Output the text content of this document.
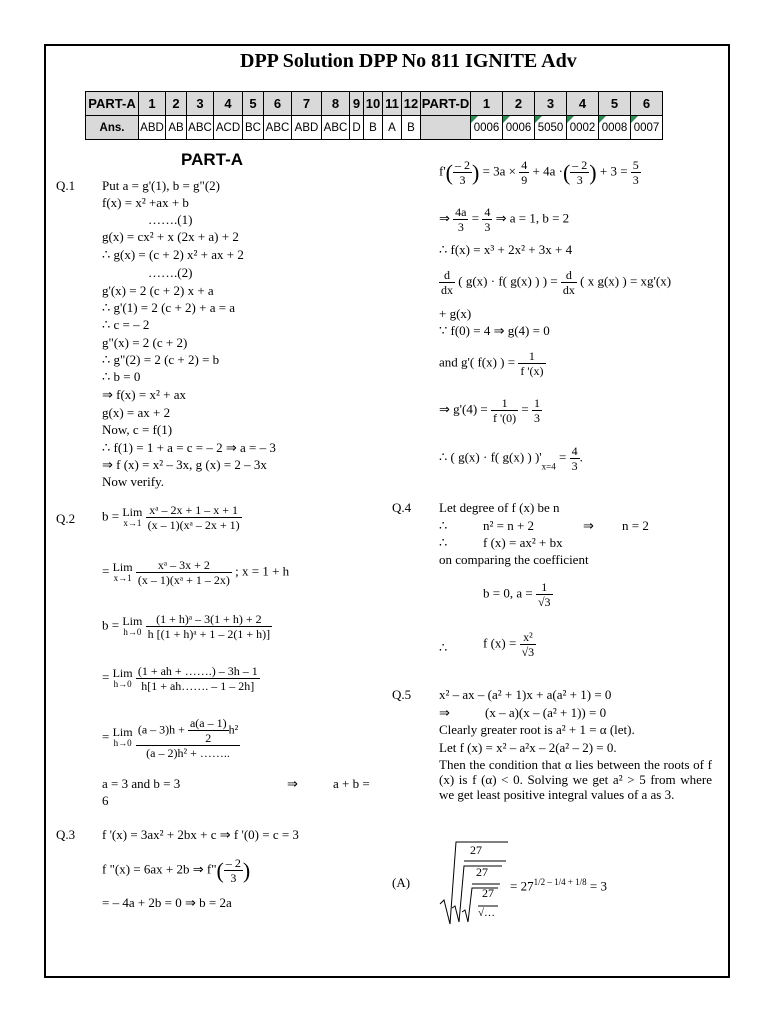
DPP Solution DPP No 811 IGNITE Adv
PART-A	1	2	3	4	5	6	7	8	9	10	11	12	PART-D	1	2	3	4	5	6
Ans.	ABD	AB	ABC	ACD	BC	ABC	ABD	ABC	D	B	A	B		0006	0006	5050	0002	0008	0007
PART-A
Q.1 Put a = g'(1), b = g"(2)
f(x) = x² +ax + b
…….(1)
g(x) = cx² + x (2x + a) + 2
∴ g(x) = (c + 2) x² + ax + 2
…….(2)
g'(x) = 2 (c + 2) x + a
∴ g'(1) = 2 (c + 2) + a = a
∴ c = – 2
g"(x) = 2 (c + 2)
∴ g"(2) = 2 (c + 2) = b
∴ b = 0
⇒ f(x) = x² + ax
g(x) = ax + 2
Now, c = f(1)
∴ f(1) = 1 + a = c = – 2 ⇒ a = – 3
⇒ f (x) = x² – 3x, g (x) = 2 – 3x
Now verify.
Q.2 b = Lim
x→1
$\frac{\text{xᵃ – 2x + 1 – x + 1}}{\text{(x – 1)(xᵃ – 2x + 1)}}$
= Lim
x→1
$\frac{\text{xᵃ – 3x + 2}}{\text{(x – 1)(xᵃ + 1 – 2x)}}$ ; x = 1 + h
b = Lim
h→0
$\frac{\text{(1 + h)ᵃ – 3(1 + h) + 2}}{\text{h [(1 + h)ᵃ + 1 – 2(1 + h)]}}$
= Lim
h→0
$\frac{(1 + ah + \dots\dots.) - 3h - 1}{h[1 + ah\dots\dots. - 1 - 2h]}$
= Lim
h→0
$\frac{(a - 3)h + \frac{a(a - 1)}{2} h^2}{\text{(a – 2)h² + ……..}}$
a = 3 and b = 3	⇒	a + b =
6
Q.3 f '(x) = 3ax² + 2bx + c ⇒ f '(0) = c = 3
f "(x) = 6ax + 2b ⇒ f"( $\frac{- 2}{3}$ )
= – 4a + 2b = 0 ⇒ b = 2a
$f'( \frac{- 2}{3}$ ) = $3a \times \frac{4}{9} + 4a$ ·( $\frac{- 2}{3}$ ) + $3 = \frac{5}{3}$
⇒ $\frac{4a}{3} = \frac{4}{3}$ ⇒ a = 1, b = 2
∴ f(x) = x³ + 2x² + 3x + 4
$\frac{d}{dx}$ ( g(x) · f( g(x) ) ) = $\frac{d}{dx}$ ( x g(x) ) = xg'(x)
+ g(x)
∵ f(0) = 4 ⇒ g(4) = 0
and g'( f(x) ) = $\frac{1}{f '(x)}$
⇒ $g'(4) = \frac{1}{f '(0)} = \frac{1}{3}$
∴ ( g(x) · f( g(x) ) )'$_{x=4} = \frac{4}{3}$ .
Q.4 Let degree of f (x) be n
∴	n² = n + 2	⇒ n = 2
∴	f (x) = ax² + bx
on comparing the coefficient
b = 0, $a = \frac{1}{√3}$
∴	f $(x) = \frac{\text{x²}}{√3}$
Q.5 x² – ax – (a² + 1)x + a(a² + 1) = 0
⇒	(x – a)(x – (a² + 1)) = 0
Clearly greater root is a² + 1 = α (let).
Let f (x) = x² – a²x – 2(a² – 2) = 0.
Then the condition that α lies between the roots of f (x) is f (α) < 0. Solving we get a² > 5 from where we get least positive integral values of a as 3.
(A)
27
27
27
√…
= $27^{1/2 - 1/4 + 1/8} = 3$
